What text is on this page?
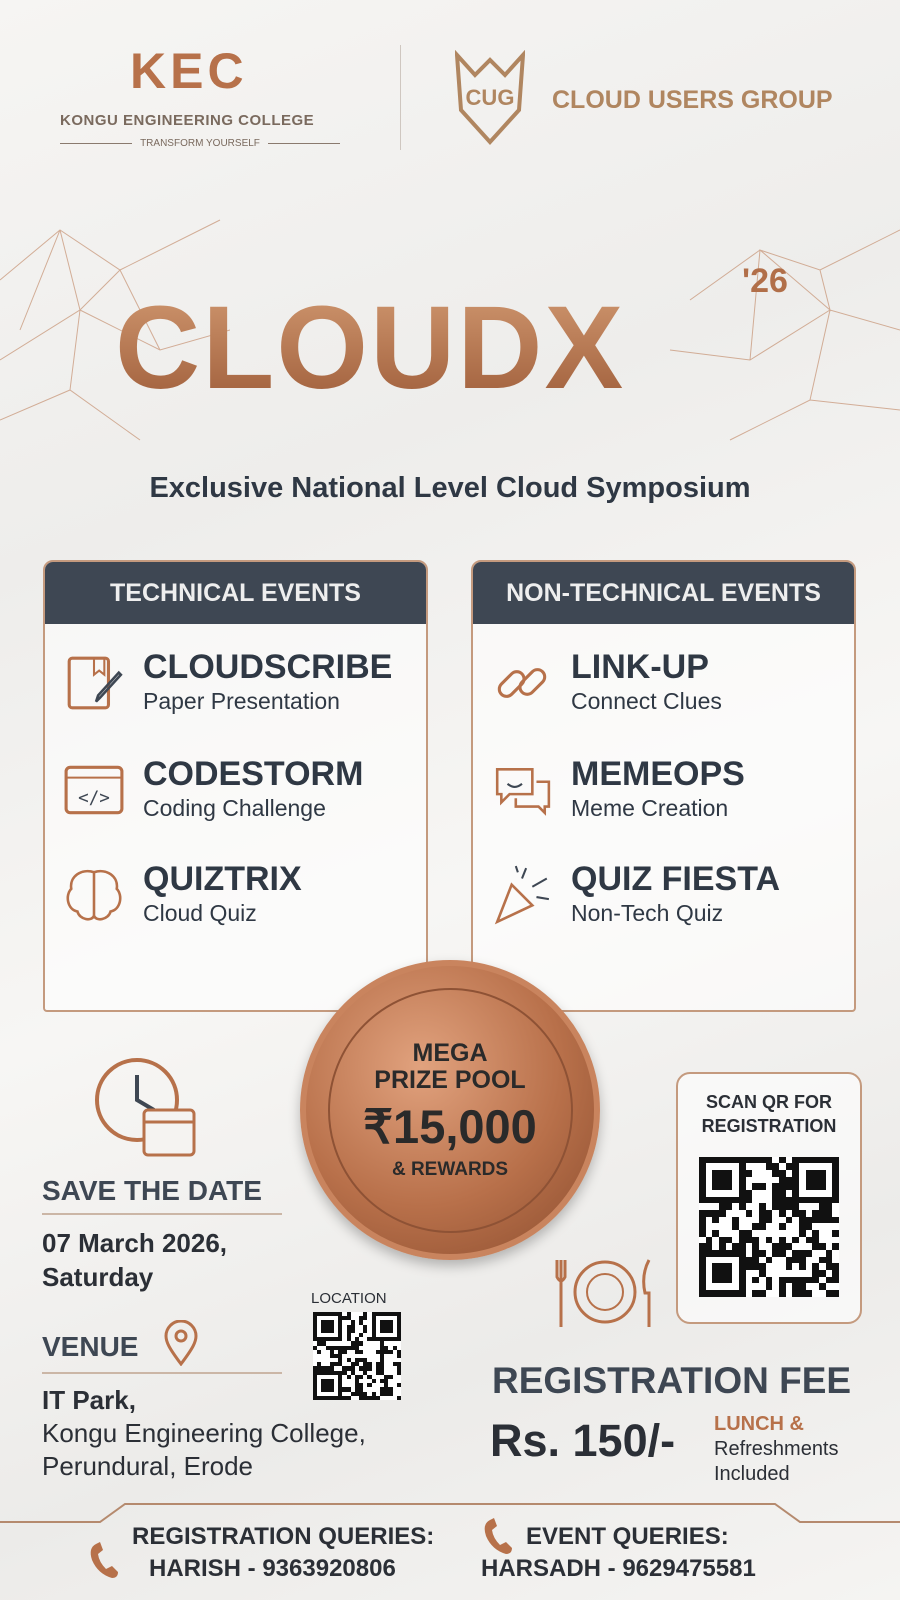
KEC
KONGU ENGINEERING COLLEGE
TRANSFORM YOURSELF
CUG CLOUD USERS GROUP
CLOUDX
'26
Exclusive National Level Cloud Symposium
TECHNICAL EVENTS
CLOUDSCRIBE
Paper Presentation
</>
CODESTORM
Coding Challenge
QUIZTRIX
Cloud Quiz
NON-TECHNICAL EVENTS
LINK-UP
Connect Clues
MEMEOPS
Meme Creation
QUIZ FIESTA
Non-Tech Quiz
MEGA
PRIZE POOL
₹15,000
& REWARDS
SAVE THE DATE
07 March 2026,
Saturday
VENUE
IT Park,
Kongu Engineering College,
Perundural, Erode
LOCATION
SCAN QR FOR
REGISTRATION
REGISTRATION FEE
Rs. 150/- LUNCH &
Refreshments
Included
REGISTRATION QUERIES:
HARISH - 9363920806
EVENT QUERIES:
HARSADH - 9629475581
